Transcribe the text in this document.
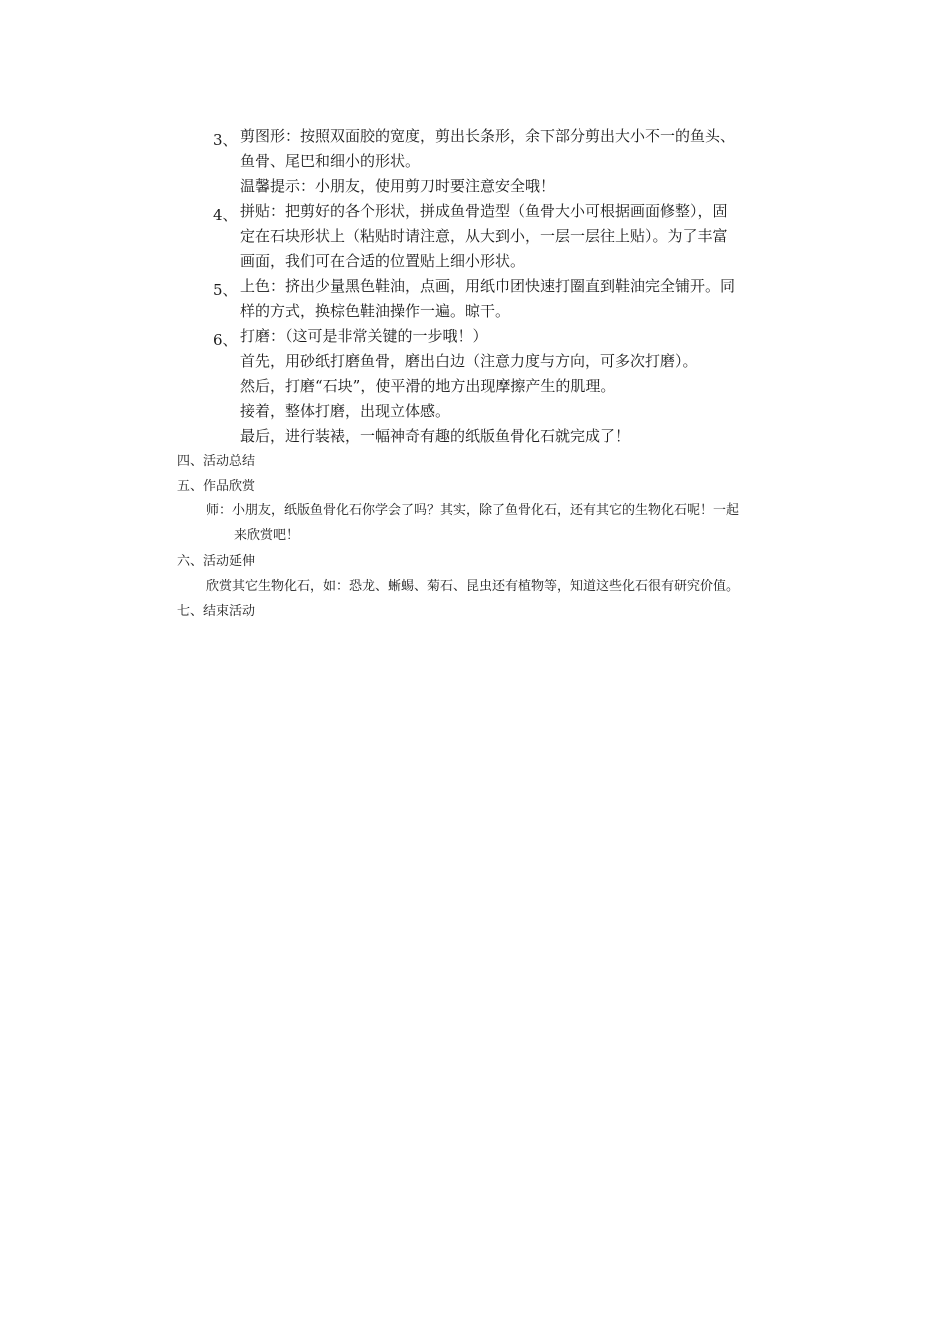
3、 剪图形：按照双面胶的宽度，剪出长条形，余下部分剪出大小不一的鱼头、
鱼骨、尾巴和细小的形状。
温馨提示：小朋友，使用剪刀时要注意安全哦！
4、 拼贴：把剪好的各个形状，拼成鱼骨造型（鱼骨大小可根据画面修整），固
定在石块形状上（粘贴时请注意，从大到小，一层一层往上贴）。为了丰富
画面，我们可在合适的位置贴上细小形状。
5、 上色：挤出少量黑色鞋油，点画，用纸巾团快速打圈直到鞋油完全铺开。同
样的方式，换棕色鞋油操作一遍。晾干。
6、 打磨：（这可是非常关键的一步哦！）
首先，用砂纸打磨鱼骨，磨出白边（注意力度与方向，可多次打磨）。
然后，打磨“石块”，使平滑的地方出现摩擦产生的肌理。
接着，整体打磨，出现立体感。
最后，进行装裱，一幅神奇有趣的纸版鱼骨化石就完成了！
四、活动总结
五、作品欣赏
师：小朋友，纸版鱼骨化石你学会了吗？其实，除了鱼骨化石，还有其它的生物化石呢！一起
来欣赏吧！
六、活动延伸
欣赏其它生物化石，如：恐龙、蜥蜴、菊石、昆虫还有植物等，知道这些化石很有研究价值。
七、结束活动
